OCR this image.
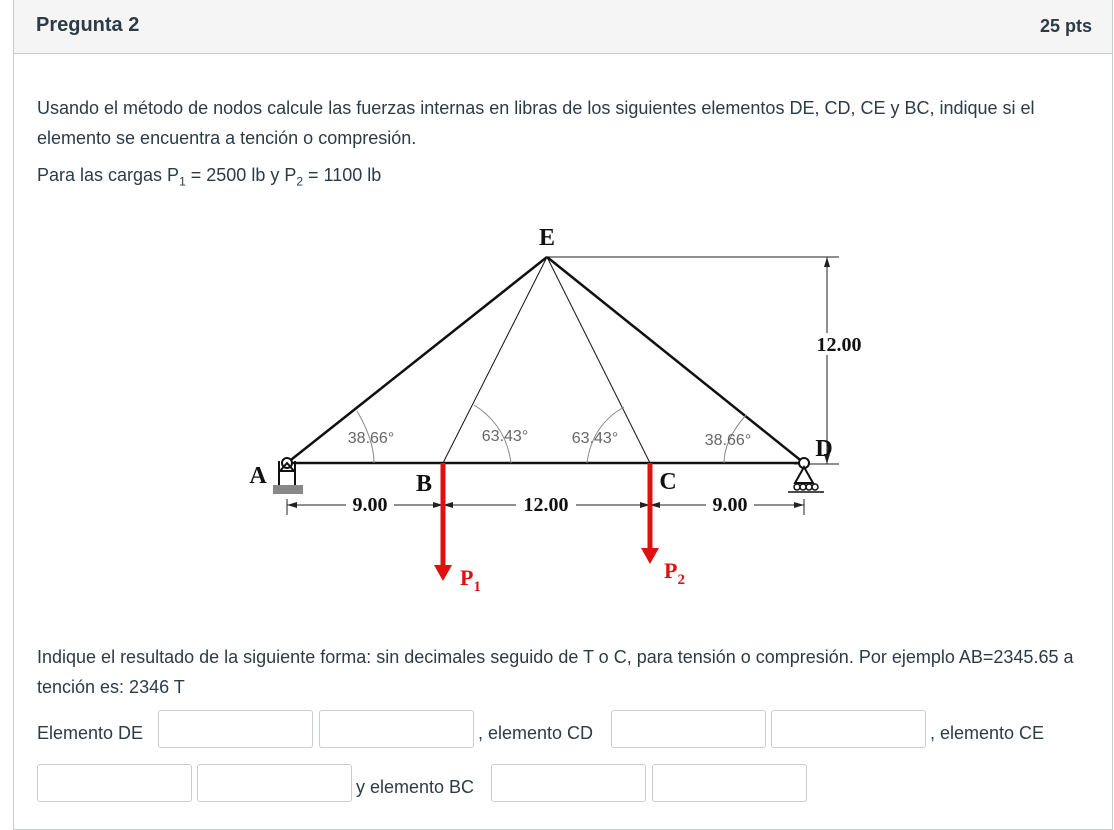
Pregunta 2	25 pts
Usando el método de nodos calcule las fuerzas internas en libras de los siguientes elementos DE, CD, CE y BC, indique si el elemento se encuentra a tención o compresión.
Para las cargas $P_1 = 2500$ lb y $P_2 = 1100$ lb
12.00
38.66°	63.43°	63.43°	38.66°
9.00	12.00	9.00
$P_1$
$P_2$
E
A	B	C
D
Indique el resultado de la siguiente forma: sin decimales seguido de T o C, para tensión o compresión. Por ejemplo AB=2345.65 a tención es: 2346 T
Elemento DE	, elemento CD	, elemento CE
y elemento BC
